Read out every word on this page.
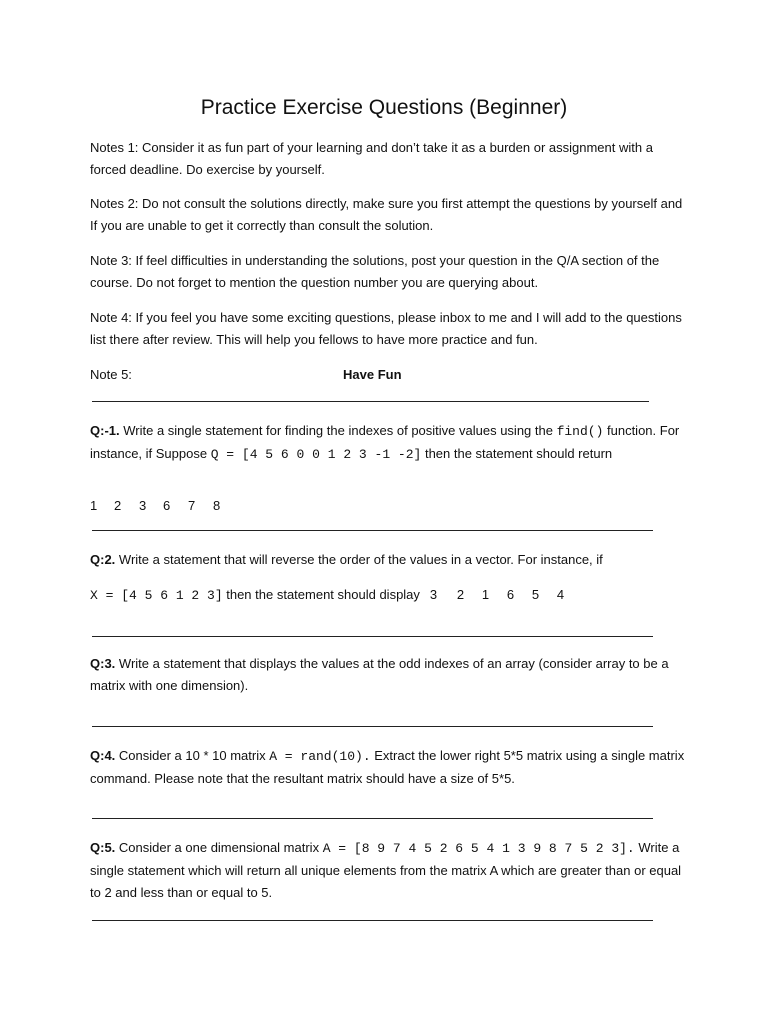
Practice Exercise Questions (Beginner)
Notes 1: Consider it as fun part of your learning and don’t take it as a burden or assignment with a forced deadline. Do exercise by yourself.
Notes 2: Do not consult the solutions directly, make sure you first attempt the questions by yourself and If you are unable to get it correctly than consult the solution.
Note 3: If feel difficulties in understanding the solutions, post your question in the Q/A section of the course. Do not forget to mention the question number you are querying about.
Note 4: If you feel you have some exciting questions, please inbox to me and I will add to the questions list there after review. This will help you fellows to have more practice and fun.
Note 5:	Have Fun
Q:-1. Write a single statement for finding the indexes of positive values using the find() function. For instance, if Suppose Q = [4 5 6 0 0 1 2 3 -1 -2] then the statement should return
1 2 3 6 7 8
Q:2. Write a statement that will reverse the order of the values in a vector. For instance, if
X = [4 5 6 1 2 3] then the statement should display 3 2 1 6 5 4
Q:3. Write a statement that displays the values at the odd indexes of an array (consider array to be a matrix with one dimension).
Q:4. Consider a 10 * 10 matrix A = rand(10). Extract the lower right 5*5 matrix using a single matrix command. Please note that the resultant matrix should have a size of 5*5.
Q:5. Consider a one dimensional matrix A = [8 9 7 4 5 2 6 5 4 1 3 9 8 7 5 2 3]. Write a single statement which will return all unique elements from the matrix A which are greater than or equal to 2 and less than or equal to 5.
